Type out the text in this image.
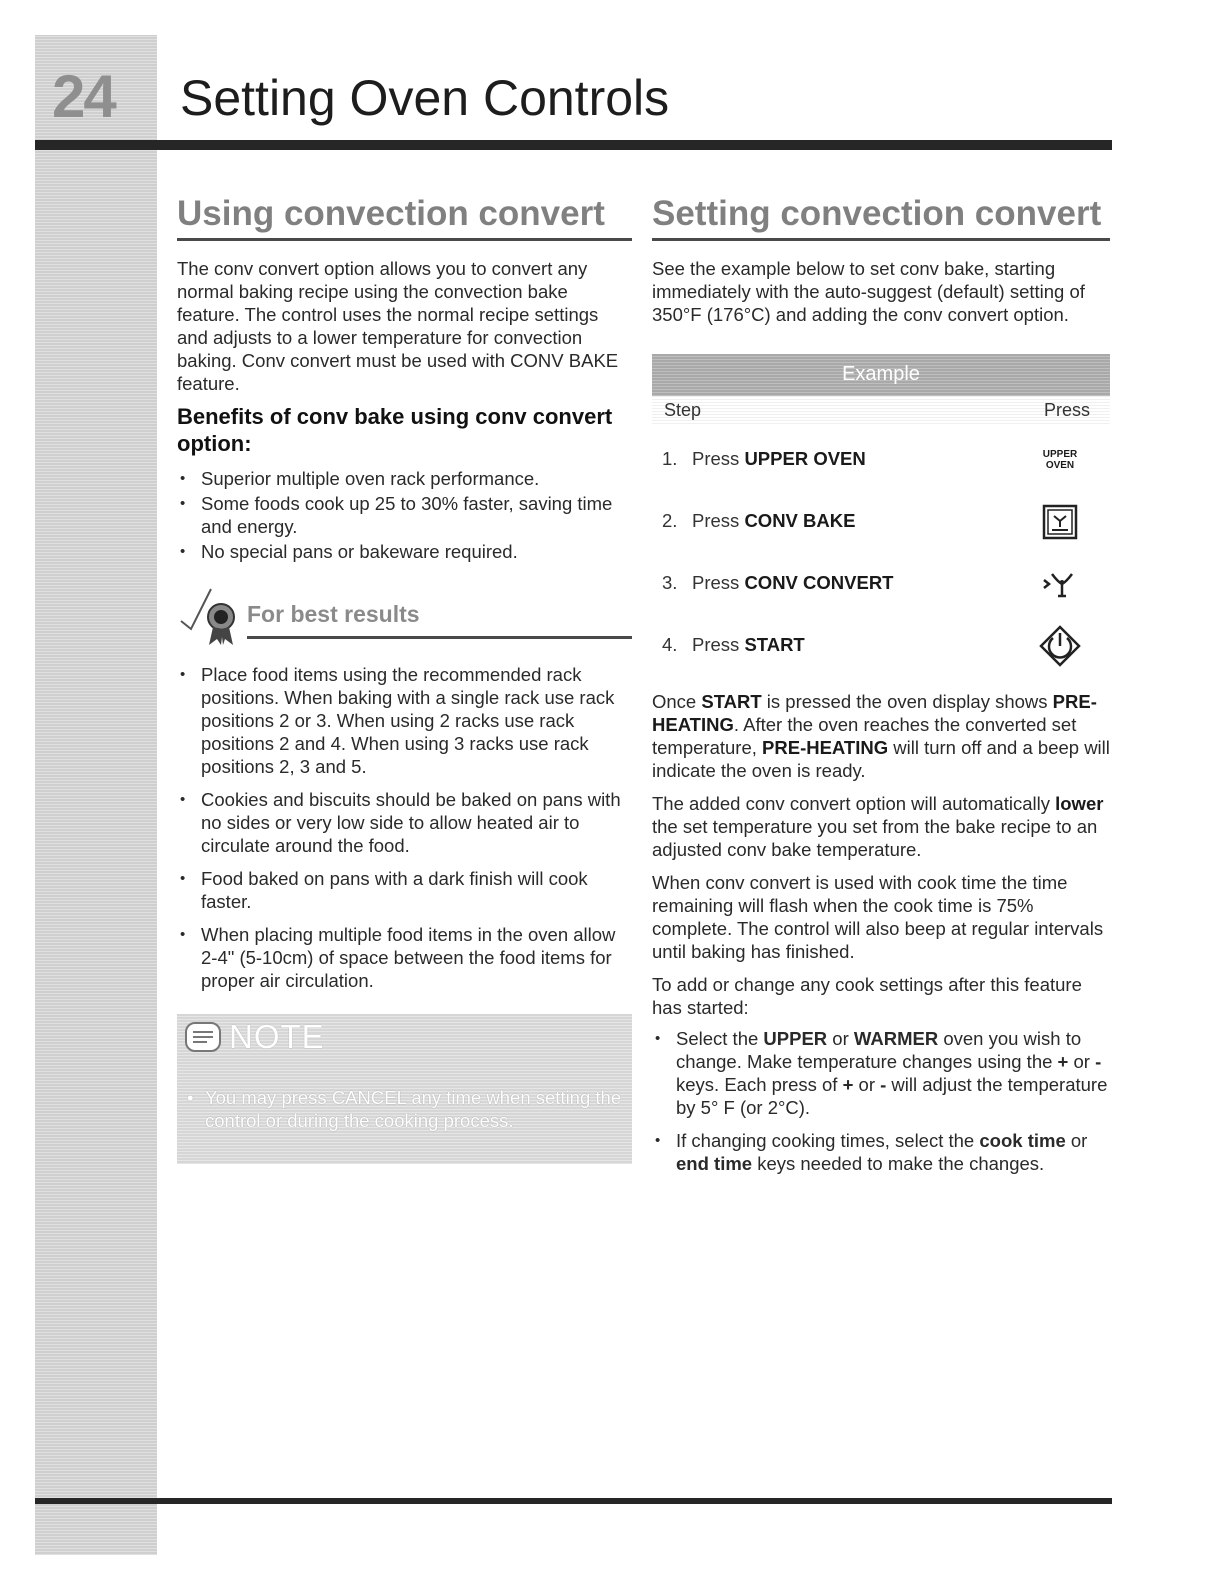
24	Setting Oven Controls
Using convection convert

The conv convert option allows you to convert any normal baking recipe using the convection bake feature. The control uses the normal recipe settings and adjusts to a lower temperature for convection baking. Conv convert must be used with CONV BAKE feature.

Benefits of conv bake using conv convert option:
• Superior multiple oven rack performance.
• Some foods cook up 25 to 30% faster, saving time and energy.
• No special pans or bakeware required.
For best results
• Place food items using the recommended rack positions. When baking with a single rack use rack positions 2 or 3. When using 2 racks use rack positions 2 and 4. When using 3 racks use rack positions 2, 3 and 5.
• Cookies and biscuits should be baked on pans with no sides or very low side to allow heated air to circulate around the food.
• Food baked on pans with a dark finish will cook faster.
• When placing multiple food items in the oven allow 2-4" (5-10cm) of space between the food items for proper air circulation.
NOTE
• You may press CANCEL any time when setting the control or during the cooking process.
Setting convection convert

See the example below to set conv bake, starting immediately with the auto-suggest (default) setting of 350°F (176°C) and adding the conv convert option.

Example
Step	Press
1. Press UPPER OVEN	UPPER
OVEN
2. Press CONV BAKE
3. Press CONV CONVERT
4. Press START

Once START is pressed the oven display shows PRE-HEATING. After the oven reaches the converted set temperature, PRE-HEATING will turn off and a beep will indicate the oven is ready.

The added conv convert option will automatically lower the set temperature you set from the bake recipe to an adjusted conv bake temperature.

When conv convert is used with cook time the time remaining will flash when the cook time is 75% complete. The control will also beep at regular intervals until baking has finished.

To add or change any cook settings after this feature has started:

• Select the UPPER or WARMER oven you wish to change. Make temperature changes using the + or - keys. Each press of + or - will adjust the temperature by 5° F (or 2°C).
• If changing cooking times, select the cook time or end time keys needed to make the changes.
